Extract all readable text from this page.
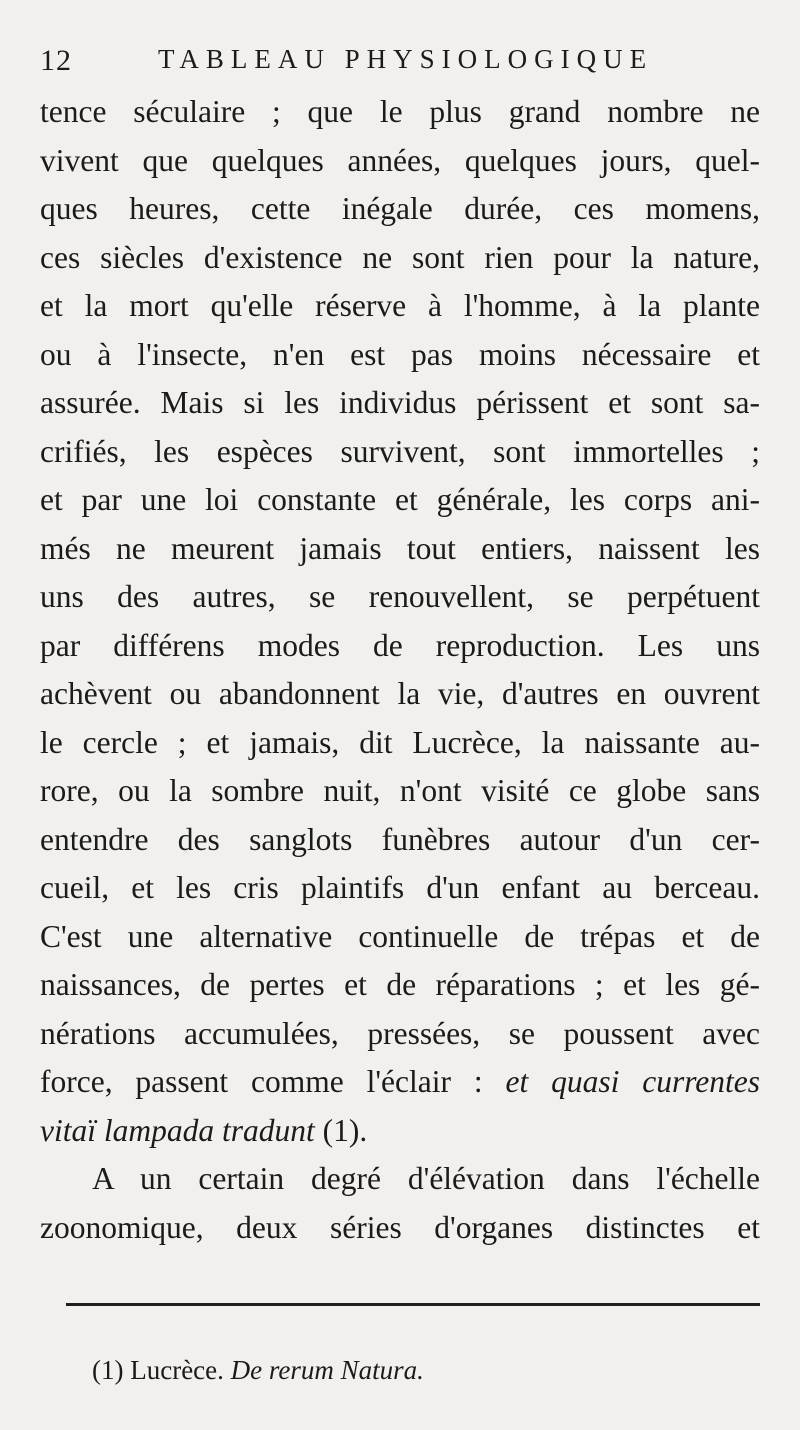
12	TABLEAU PHYSIOLOGIQUE
tence séculaire ; que le plus grand nombre ne
vivent que quelques années, quelques jours, quel-
ques heures, cette inégale durée, ces momens,
ces siècles d'existence ne sont rien pour la nature,
et la mort qu'elle réserve à l'homme, à la plante
ou à l'insecte, n'en est pas moins nécessaire et
assurée. Mais si les individus périssent et sont sa-
crifiés, les espèces survivent, sont immortelles ;
et par une loi constante et générale, les corps ani-
més ne meurent jamais tout entiers, naissent les
uns des autres, se renouvellent, se perpétuent
par différens modes de reproduction. Les uns
achèvent ou abandonnent la vie, d'autres en ouvrent
le cercle ; et jamais, dit Lucrèce, la naissante au-
rore, ou la sombre nuit, n'ont visité ce globe sans
entendre des sanglots funèbres autour d'un cer-
cueil, et les cris plaintifs d'un enfant au berceau.
C'est une alternative continuelle de trépas et de
naissances, de pertes et de réparations ; et les gé-
nérations accumulées, pressées, se poussent avec
force, passent comme l'éclair : et quasi currentes
vitaï lampada tradunt (1).
A un certain degré d'élévation dans l'échelle
zoonomique, deux séries d'organes distinctes et
(1) Lucrèce. De rerum Natura.
